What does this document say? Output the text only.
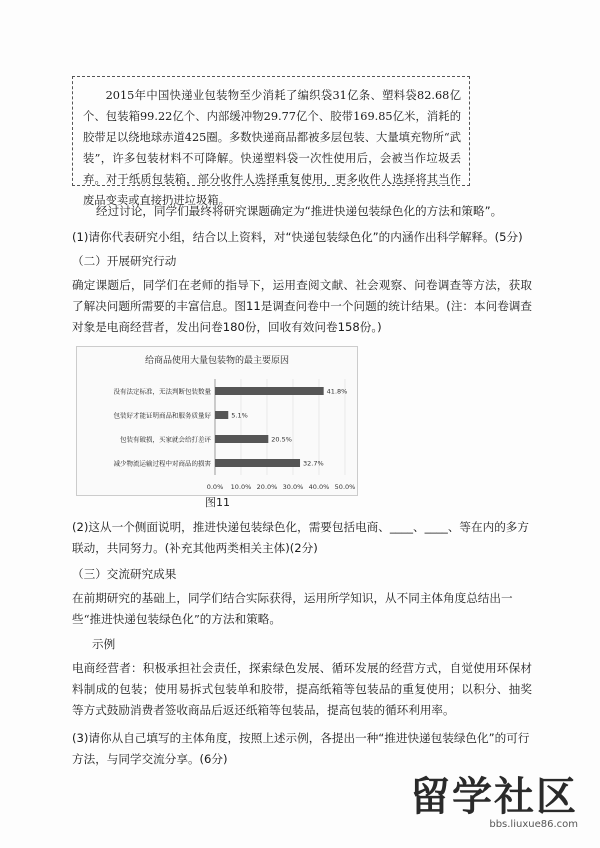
2015年中国快递业包装物至少消耗了编织袋31亿条、塑料袋82.68亿个、包装箱99.22亿个、内部缓冲物29.77亿个、胶带169.85亿米，消耗的胶带足以绕地球赤道425圈。多数快递商品都被多层包装、大量填充物所“武装”，许多包装材料不可降解。快递塑料袋一次性使用后，会被当作垃圾丢弃。对于纸质包装箱，部分收件人选择重复使用，更多收件人选择将其当作废品变卖或直接扔进垃圾箱。

经过讨论，同学们最终将研究课题确定为“推进快递包装绿色化的方法和策略”。

(1)请你代表研究小组，结合以上资料，对“快递包装绿色化”的内涵作出科学解释。(5分)

（二）开展研究行动

确定课题后，同学们在老师的指导下，运用查阅文献、社会观察、问卷调查等方法，获取了解决问题所需要的丰富信息。图11是调查问卷中一个问题的统计结果。(注：本问卷调查对象是电商经营者，发出问卷180份，回收有效问卷158份。)

给商品使用大量包装物的最主要原因
0.0% 10.0% 20.0% 30.0% 40.0% 50.0%
没有法定标准，无法判断包装数量	41.8%
包装好才能证明商品和服务质量好	5.1%
包装有破损，买家就会给打差评	20.5%
减少物流运输过程中对商品的损害	32.7%
图11

(2)这从一个侧面说明，推进快递包装绿色化，需要包括电商、____、____、等在内的多方联动，共同努力。(补充其他两类相关主体)(2分)

（三）交流研究成果

在前期研究的基础上，同学们结合实际获得，运用所学知识，从不同主体角度总结出一些“推进快递包装绿色化”的方法和策略。

示例

电商经营者：积极承担社会责任，探索绿色发展、循环发展的经营方式，自觉使用环保材料制成的包装；使用易拆式包装单和胶带，提高纸箱等包装品的重复使用；以积分、抽奖等方式鼓励消费者签收商品后返还纸箱等包装品，提高包装的循环利用率。

(3)请你从自己填写的主体角度，按照上述示例，各提出一种“推进快递包装绿色化”的可行方法，与同学交流分享。(6分)

留学社区
bbs.liuxue86.com
